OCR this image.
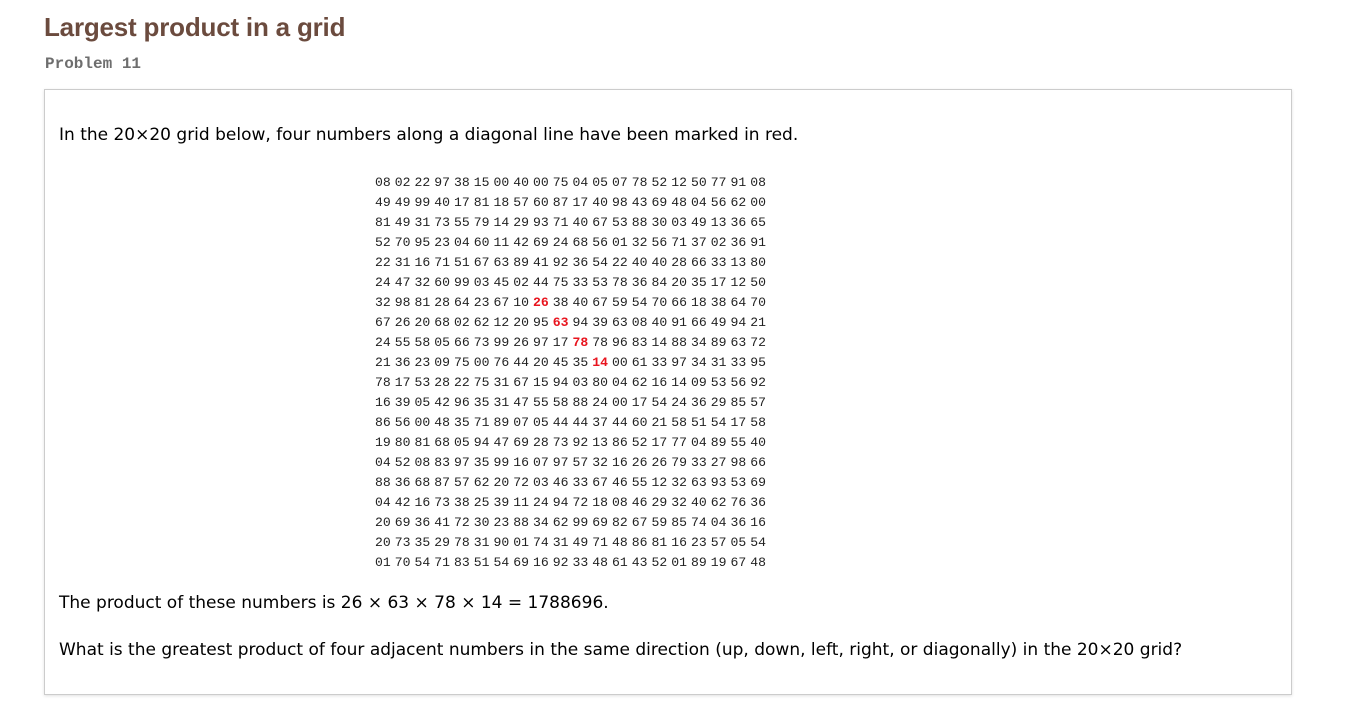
Largest product in a grid
Problem 11

In the 20×20 grid below, four numbers along a diagonal line have been marked in red.

08 02 22 97 38 15 00 40 00 75 04 05 07 78 52 12 50 77 91 08
49 49 99 40 17 81 18 57 60 87 17 40 98 43 69 48 04 56 62 00
81 49 31 73 55 79 14 29 93 71 40 67 53 88 30 03 49 13 36 65
52 70 95 23 04 60 11 42 69 24 68 56 01 32 56 71 37 02 36 91
22 31 16 71 51 67 63 89 41 92 36 54 22 40 40 28 66 33 13 80
24 47 32 60 99 03 45 02 44 75 33 53 78 36 84 20 35 17 12 50
32 98 81 28 64 23 67 10 26 38 40 67 59 54 70 66 18 38 64 70
67 26 20 68 02 62 12 20 95 63 94 39 63 08 40 91 66 49 94 21
24 55 58 05 66 73 99 26 97 17 78 78 96 83 14 88 34 89 63 72
21 36 23 09 75 00 76 44 20 45 35 14 00 61 33 97 34 31 33 95
78 17 53 28 22 75 31 67 15 94 03 80 04 62 16 14 09 53 56 92
16 39 05 42 96 35 31 47 55 58 88 24 00 17 54 24 36 29 85 57
86 56 00 48 35 71 89 07 05 44 44 37 44 60 21 58 51 54 17 58
19 80 81 68 05 94 47 69 28 73 92 13 86 52 17 77 04 89 55 40
04 52 08 83 97 35 99 16 07 97 57 32 16 26 26 79 33 27 98 66
88 36 68 87 57 62 20 72 03 46 33 67 46 55 12 32 63 93 53 69
04 42 16 73 38 25 39 11 24 94 72 18 08 46 29 32 40 62 76 36
20 69 36 41 72 30 23 88 34 62 99 69 82 67 59 85 74 04 36 16
20 73 35 29 78 31 90 01 74 31 49 71 48 86 81 16 23 57 05 54
01 70 54 71 83 51 54 69 16 92 33 48 61 43 52 01 89 19 67 48

The product of these numbers is 26 × 63 × 78 × 14 = 1788696.

What is the greatest product of four adjacent numbers in the same direction (up, down, left, right, or diagonally) in the 20×20 grid?
